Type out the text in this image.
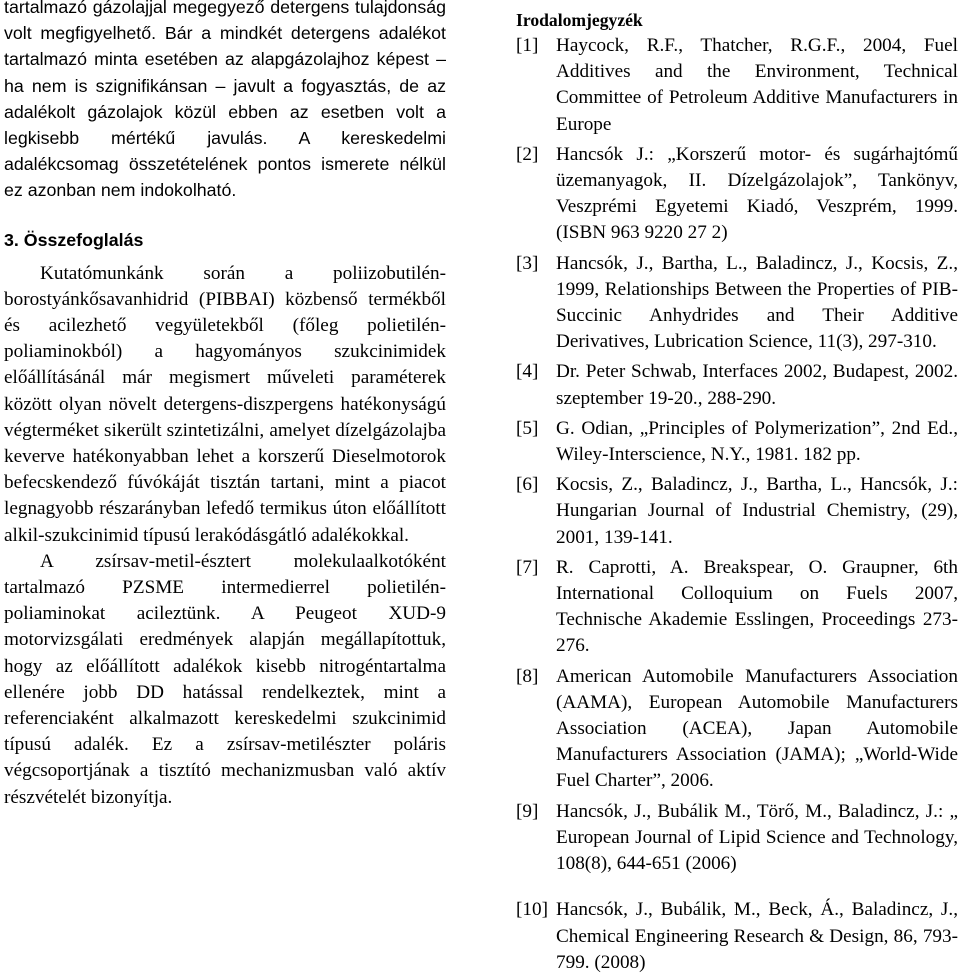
tartalmazó gázolajjal megegyező detergens tulajdonság volt megfigyelhető. Bár a mindkét detergens adalékot tartalmazó minta esetében az alapgázolajhoz képest – ha nem is szignifikánsan – javult a fogyasztás, de az adalékolt gázolajok közül ebben az esetben volt a legkisebb mértékű javulás. A kereskedelmi adalékcsomag összetételének pontos ismerete nélkül ez azonban nem indokolható.

3. Összefoglalás

Kutatómunkánk során a poliizobutilén-borostyánkősavanhidrid (PIBBAI) közbenső termékből és acilezhető vegyületekből (főleg polietilén-poliaminokból) a hagyományos szukcinimidek előállításánál már megismert műveleti paraméterek között olyan növelt detergens-diszpergens hatékonyságú végterméket sikerült szintetizálni, amelyet dízelgázolajba keverve hatékonyabban lehet a korszerű Dieselmotorok befecskendező fúvókáját tisztán tartani, mint a piacot legnagyobb részarányban lefedő termikus úton előállított alkil-szukcinimid típusú lerakódásgátló adalékokkal.

A zsírsav-metil-észtert molekulaalkotóként tartalmazó PZSME intermedierrel polietilén-poliaminokat acileztünk. A Peugeot XUD-9 motorvizsgálati eredmények alapján megállapítottuk, hogy az előállított adalékok kisebb nitrogéntartalma ellenére jobb DD hatással rendelkeztek, mint a referenciaként alkalmazott kereskedelmi szukcinimid típusú adalék. Ez a zsírsav-metilészter poláris végcsoportjának a tisztító mechanizmusban való aktív részvételét bizonyítja.

Irodalomjegyzék
[1] Haycock, R.F., Thatcher, R.G.F., 2004, Fuel Additives and the Environment, Technical Committee of Petroleum Additive Manufacturers in Europe
[2] Hancsók J.: „Korszerű motor- és sugárhajtómű üzemanyagok, II. Dízelgázolajok”, Tankönyv, Veszprémi Egyetemi Kiadó, Veszprém, 1999. (ISBN 963 9220 27 2)
[3] Hancsók, J., Bartha, L., Baladincz, J., Kocsis, Z., 1999, Relationships Between the Properties of PIB-Succinic Anhydrides and Their Additive Derivatives, Lubrication Science, 11(3), 297-310.
[4] Dr. Peter Schwab, Interfaces 2002, Budapest, 2002. szeptember 19-20., 288-290.
[5] G. Odian, „Principles of Polymerization”, 2nd Ed., Wiley-Interscience, N.Y., 1981. 182 pp.
[6] Kocsis, Z., Baladincz, J., Bartha, L., Hancsók, J.: Hungarian Journal of Industrial Chemistry, (29), 2001, 139-141.
[7] R. Caprotti, A. Breakspear, O. Graupner, 6th International Colloquium on Fuels 2007, Technische Akademie Esslingen, Proceedings 273-276.
[8] American Automobile Manufacturers Association (AAMA), European Automobile Manufacturers Association (ACEA), Japan Automobile Manufacturers Association (JAMA); „World-Wide Fuel Charter”, 2006.
[9] Hancsók, J., Bubálik M., Törő, M., Baladincz, J.: „ European Journal of Lipid Science and Technology, 108(8), 644-651 (2006)
[10] Hancsók, J., Bubálik, M., Beck, Á., Baladincz, J., Chemical Engineering Research & Design, 86, 793-799. (2008)
